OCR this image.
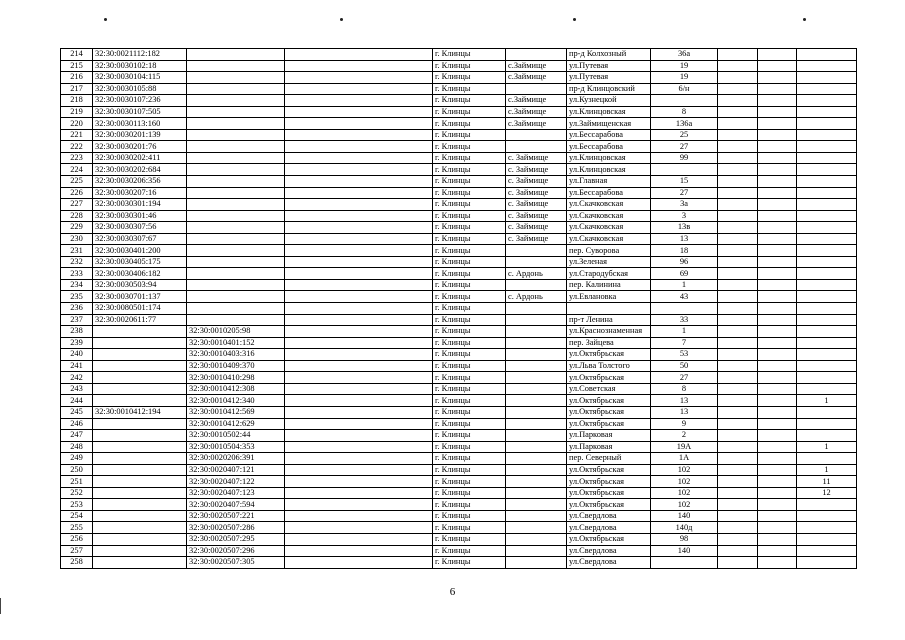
214	32:30:0021112:182			г. Клинцы		пр-д Колхозный	36а			
215	32:30:0030102:18			г. Клинцы	с.Займище	ул.Путевая	19			
216	32:30:0030104:115			г. Клинцы	с.Займище	ул.Путевая	19			
217	32:30:0030105:88			г. Клинцы		пр-д Клинцовский	6/н			
218	32:30:0030107:236			г. Клинцы	с.Займище	ул.Кузнецкой				
219	32:30:0030107:505			г. Клинцы	с.Займище	ул.Клинцовская	8			
220	32:30:0030113:160			г. Клинцы	с.Займище	ул.Займищенская	136а			
221	32:30:0030201:139			г. Клинцы		ул.Бессарабова	25			
222	32:30:0030201:76			г. Клинцы		ул.Бессарабова	27			
223	32:30:0030202:411			г. Клинцы	с. Займище	ул.Клинцовская	99			
224	32:30:0030202:684			г. Клинцы	с. Займище	ул.Клинцовская				
225	32:30:0030206:356			г. Клинцы	с. Займище	ул.Главная	15			
226	32:30:0030207:16			г. Клинцы	с. Займище	ул.Бессарабова	27			
227	32:30:0030301:194			г. Клинцы	с. Займище	ул.Скачковская	3а			
228	32:30:0030301:46			г. Клинцы	с. Займище	ул.Скачковская	3			
229	32:30:0030307:56			г. Клинцы	с. Займище	ул.Скачковская	13в			
230	32:30:0030307:67			г. Клинцы	с. Займище	ул.Скачковская	13			
231	32:30:0030401:200			г. Клинцы		пер. Суворова	18			
232	32:30:0030405:175			г. Клинцы		ул.Зеленая	96			
233	32:30:0030406:182			г. Клинцы	с. Ардонь	ул.Стародубская	69			
234	32:30:0030503:94			г. Клинцы		пер. Калинина	1			
235	32:30:0030701:137			г. Клинцы	с. Ардонь	ул.Евлановка	43			
236	32:30:0080501:174			г. Клинцы						
237	32:30:0020611:77			г. Клинцы		пр-т Ленина	33			
238		32:30:0010205:98		г. Клинцы		ул.Краснознаменная	1			
239		32:30:0010401:152		г. Клинцы		пер. Зайцева	7			
240		32:30:0010403:316		г. Клинцы		ул.Октябрьская	53			
241		32:30:0010409:370		г. Клинцы		ул.Льва Толстого	50			
242		32:30:0010410:298		г. Клинцы		ул.Октябрьская	27			
243		32:30:0010412:308		г. Клинцы		ул.Советская	8			
244		32:30:0010412:340		г. Клинцы		ул.Октябрьская	13			1
245	32:30:0010412:194	32:30:0010412:569		г. Клинцы		ул.Октябрьская	13			
246		32:30:0010412:629		г. Клинцы		ул.Октябрьская	9			
247		32:30:0010502:44		г. Клинцы		ул.Парковая	2			
248		32:30:0010504:353		г. Клинцы		ул.Парковая	19А			1
249		32:30:0020206:391		г. Клинцы		пер. Северный	1А			
250		32:30:0020407:121		г. Клинцы		ул.Октябрьская	102			1
251		32:30:0020407:122		г. Клинцы		ул.Октябрьская	102			11
252		32:30:0020407:123		г. Клинцы		ул.Октябрьская	102			12
253		32:30:0020407:594		г. Клинцы		ул.Октябрьская	102			
254		32:30:0020507:221		г. Клинцы		ул.Свердлова	140			
255		32:30:0020507:286		г. Клинцы		ул.Свердлова	140д			
256		32:30:0020507:295		г. Клинцы		ул.Октябрьская	98			
257		32:30:0020507:296		г. Клинцы		ул.Свердлова	140			
258		32:30:0020507:305		г. Клинцы		ул.Свердлова				
6
